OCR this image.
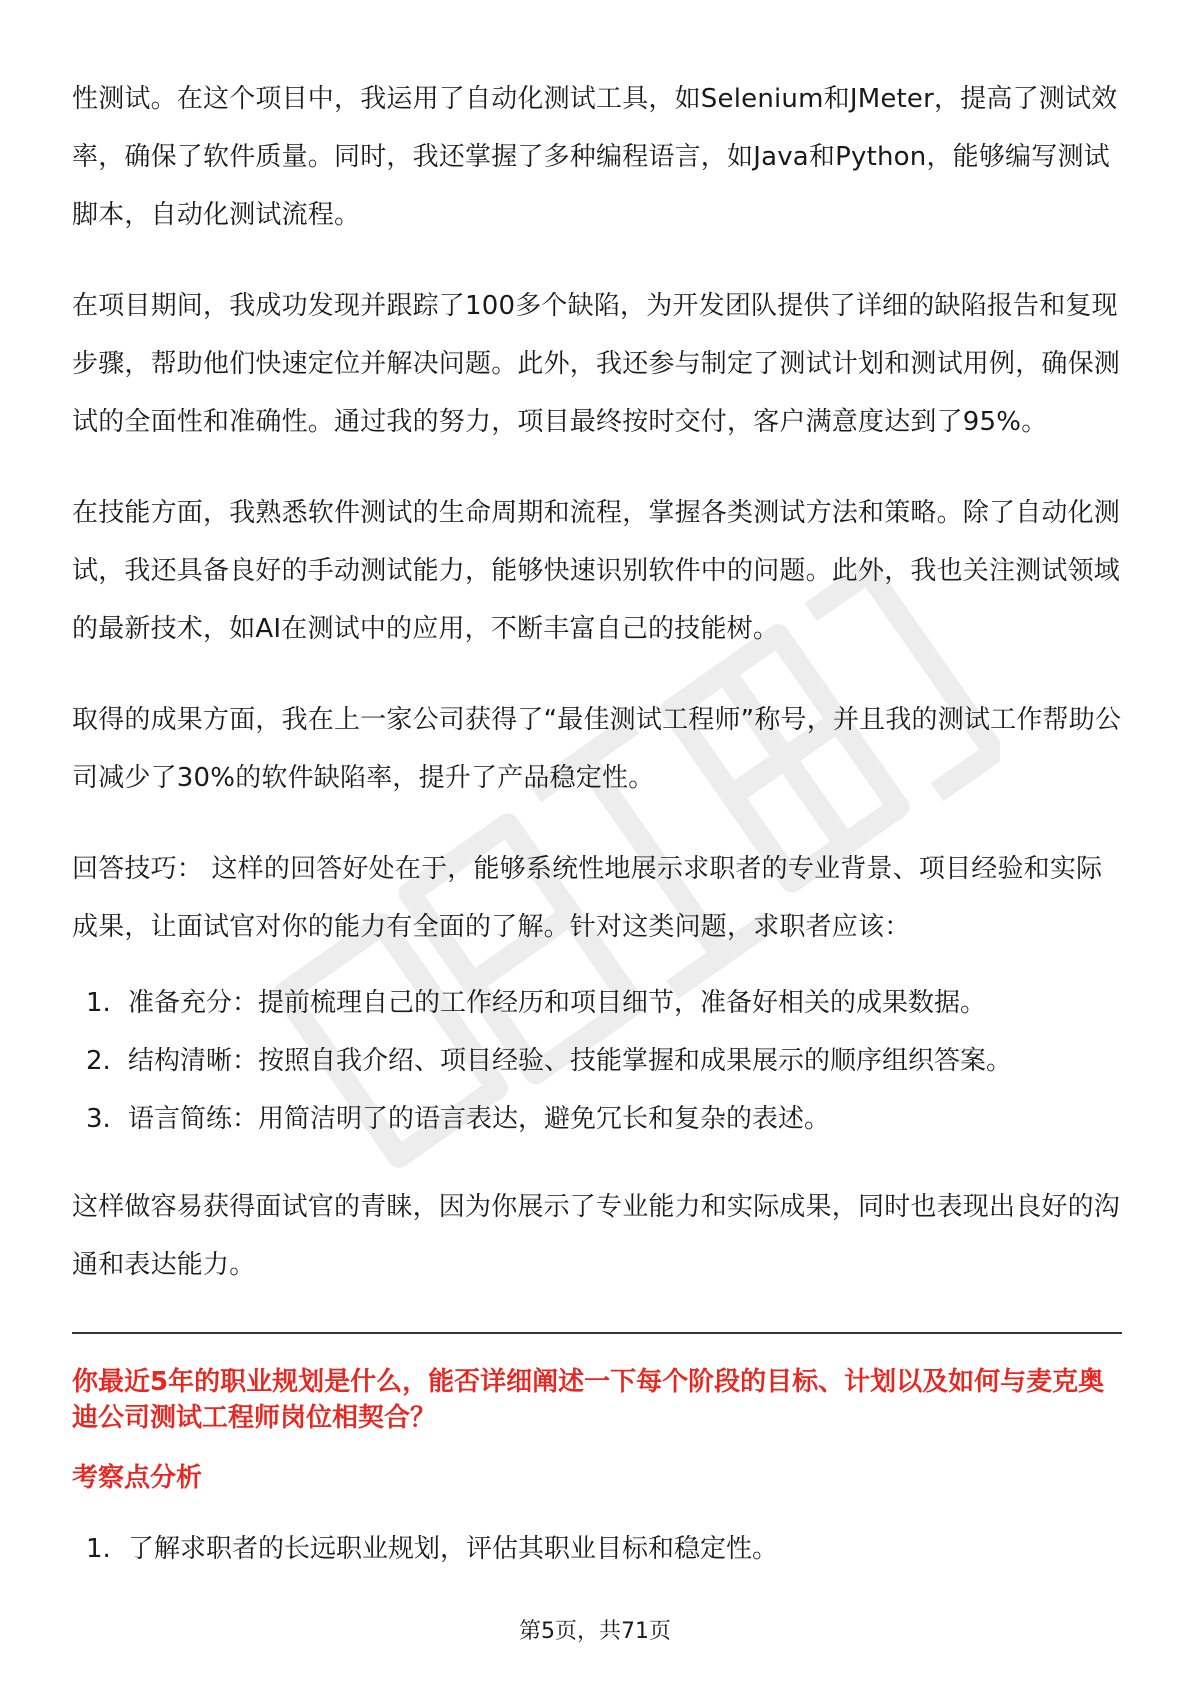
性测试。在这个项目中，我运用了自动化测试工具，如Selenium和JMeter，提高了测试效率，确保了软件质量。同时，我还掌握了多种编程语言，如Java和Python，能够编写测试脚本，自动化测试流程。

在项目期间，我成功发现并跟踪了100多个缺陷，为开发团队提供了详细的缺陷报告和复现步骤，帮助他们快速定位并解决问题。此外，我还参与制定了测试计划和测试用例，确保测试的全面性和准确性。通过我的努力，项目最终按时交付，客户满意度达到了95%。

在技能方面，我熟悉软件测试的生命周期和流程，掌握各类测试方法和策略。除了自动化测试，我还具备良好的手动测试能力，能够快速识别软件中的问题。此外，我也关注测试领域的最新技术，如AI在测试中的应用，不断丰富自己的技能树。

取得的成果方面，我在上一家公司获得了“最佳测试工程师”称号，并且我的测试工作帮助公司减少了30%的软件缺陷率，提升了产品稳定性。

回答技巧： 这样的回答好处在于，能够系统性地展示求职者的专业背景、项目经验和实际成果，让面试官对你的能力有全面的了解。针对这类问题，求职者应该：

1. 准备充分：提前梳理自己的工作经历和项目细节，准备好相关的成果数据。
2. 结构清晰：按照自我介绍、项目经验、技能掌握和成果展示的顺序组织答案。
3. 语言简练：用简洁明了的语言表达，避免冗长和复杂的表述。

这样做容易获得面试官的青睐，因为你展示了专业能力和实际成果，同时也表现出良好的沟通和表达能力。

你最近5年的职业规划是什么，能否详细阐述一下每个阶段的目标、计划以及如何与麦克奥迪公司测试工程师岗位相契合？

考察点分析

1. 了解求职者的长远职业规划，评估其职业目标和稳定性。
第5页，共71页
